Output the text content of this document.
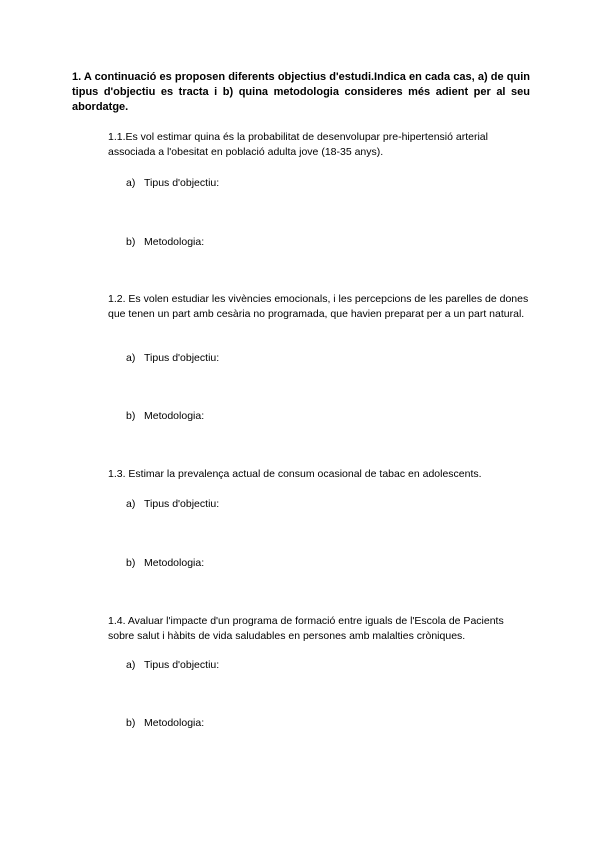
1. A continuació es proposen diferents objectius d'estudi.Indica en cada cas, a) de quin tipus d'objectiu es tracta i b) quina metodologia consideres més adient per al seu abordatge.
1.1.Es vol estimar quina és la probabilitat de desenvolupar pre-hipertensió arterial associada a l'obesitat en població adulta jove (18-35 anys).
a) Tipus d'objectiu:
b) Metodologia:
1.2. Es volen estudiar les vivències emocionals, i les percepcions de les parelles de dones que tenen un part amb cesària no programada, que havien preparat per a un part natural.
a) Tipus d'objectiu:
b) Metodologia:
1.3. Estimar la prevalença actual de consum ocasional de tabac en adolescents.
a) Tipus d'objectiu:
b) Metodologia:
1.4. Avaluar l'impacte d'un programa de formació entre iguals de l'Escola de Pacients sobre salut i hàbits de vida saludables en persones amb malalties cròniques.
a) Tipus d'objectiu:
b) Metodologia:
